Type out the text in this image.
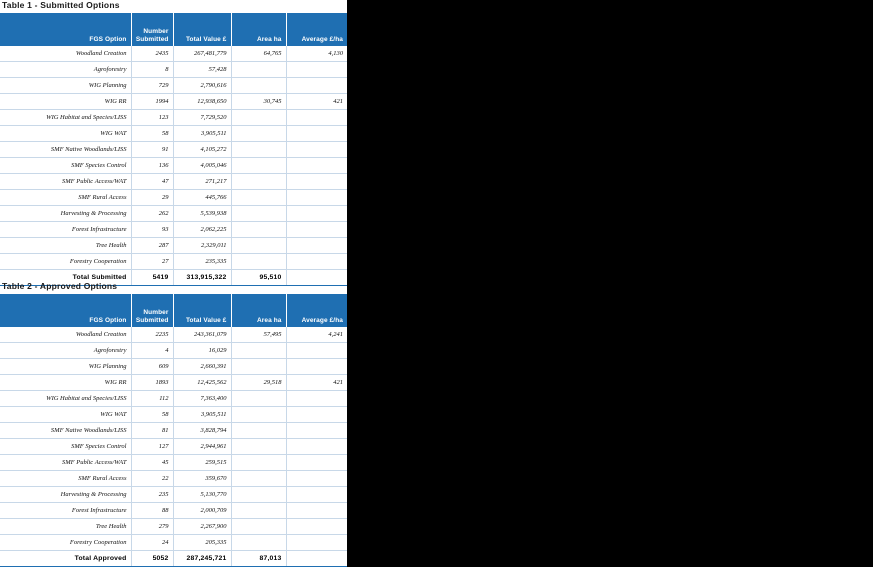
Table 1 - Submitted Options
FGS Option	Number Submitted	Total Value £	Area ha	Average £/ha
Woodland Creation	2435	267,481,779	64,765	4,130
Agroforestry	8	57,428		
WIG Planning	729	2,790,616		
WIG RR	1994	12,938,650	30,745	421
WIG Habitat and Species/LISS	123	7,729,520		
WIG WAT	58	3,905,511		
SMF Native Woodlands/LISS	91	4,105,272		
SMF Species Control	136	4,005,046		
SMF Public Access/WAT	47	271,217		
SMF Rural Access	29	445,766		
Harvesting & Processing	262	5,539,938		
Forest Infrastructure	93	2,062,225		
Tree Health	287	2,329,011		
Forestry Cooperation	27	235,335		
Total Submitted	5419	313,915,322	95,510	
Table 2 - Approved Options
FGS Option	Number Submitted	Total Value £	Area ha	Average £/ha
Woodland Creation	2235	243,361,079	57,495	4,241
Agroforestry	4	16,029		
WIG Planning	609	2,660,391		
WIG RR	1893	12,425,562	29,518	421
WIG Habitat and Species/LISS	112	7,363,400		
WIG WAT	58	3,905,511		
SMF Native Woodlands/LISS	81	3,828,794		
SMF Species Control	127	2,944,961		
SMF Public Access/WAT	45	259,515		
SMF Rural Access	22	359,670		
Harvesting & Processing	235	5,130,770		
Forest Infrastructure	88	2,000,709		
Tree Health	279	2,267,900		
Forestry Cooperation	24	205,335		
Total Approved	5052	287,245,721	87,013	
